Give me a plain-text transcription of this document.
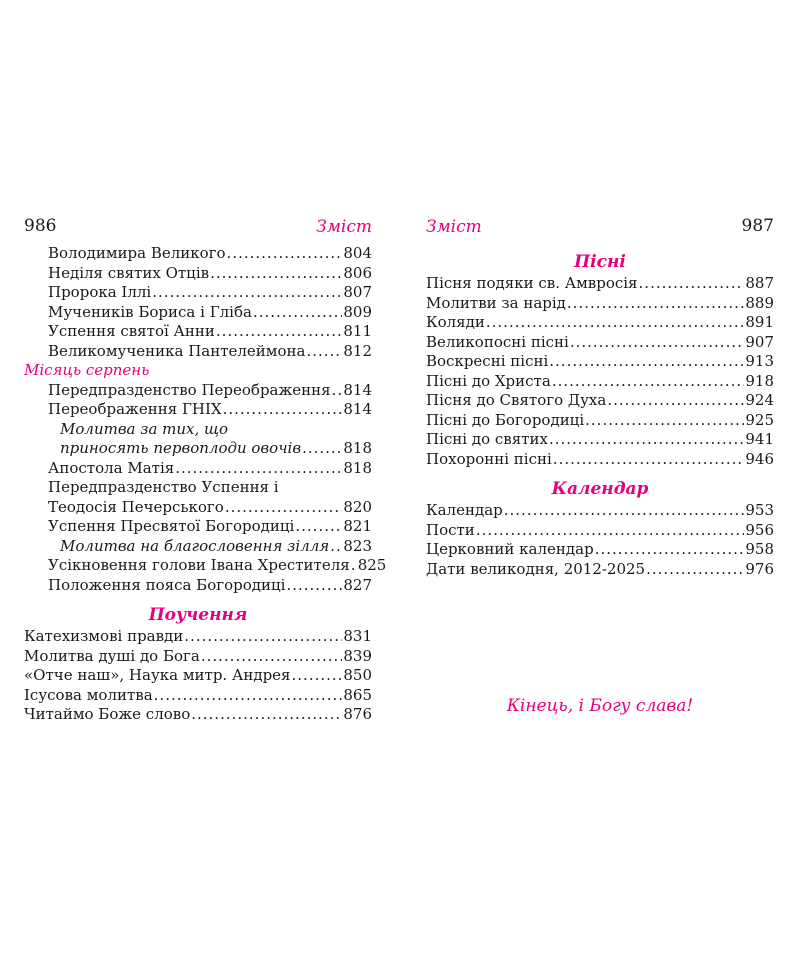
986	Зміст
Володимира Великого .....	804
Неділя святих Отців .....	806
Пророка Іллі .....	807
Мучеників Бориса і Гліба .....	809
Успення святої Анни .....	811
Великомученика Пантелеймона .....	812
Місяць серпень
Передпразденство Переображення ..... 814
Переображення ГНІХ .....	814
Молитва за тих, що
приносять первоплоди овочів .....	818
Апостола Матія .....	818
Передпразденство Успення і
Теодосія Печерського .....	820
Успення Пресвятої Богородиці .....	821
Молитва на благословення зілля ..... 823
Усікновення голови Івана Хрестителя ..... 825
Положення пояса Богородиці .....	827
Поучення
Катехизмові правди .....	831
Молитва душі до Бога .....	839
«Отче наш», Наука митр. Андрея .....	850
Ісусова молитва .....	865
Читаймо Боже слово .....	876
Зміст	987
Пісні
Пісня подяки св. Амвросія .....	887
Молитви за нарід .....	889
Коляди .....	891
Великопосні пісні .....	907
Воскресні пісні .....	913
Пісні до Христа .....	918
Пісня до Святого Духа .....	924
Пісні до Богородиці .....	925
Пісні до святих .....	941
Похоронні пісні .....	946
Календар
Календар .....	953
Пости .....	956
Церковний календар .....	958
Дати великодня, 2012-2025 .....	976
Кінець, і Богу слава!
